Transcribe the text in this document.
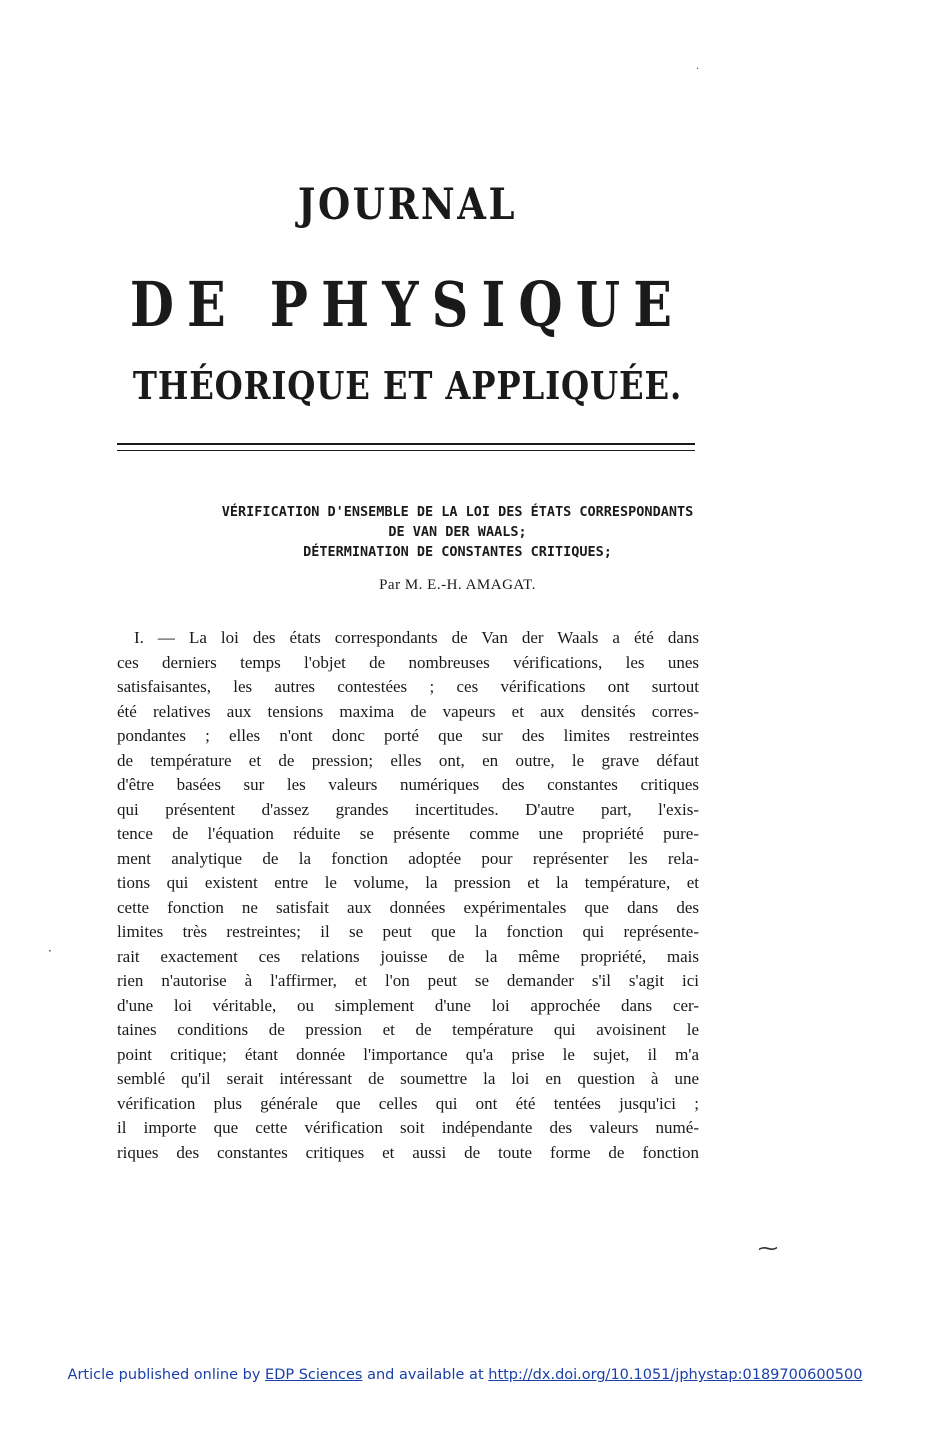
JOURNAL
DE PHYSIQUE
THÉORIQUE ET APPLIQUÉE.

VÉRIFICATION D'ENSEMBLE DE LA LOI DES ÉTATS CORRESPONDANTS

DE VAN DER WAALS;

DÉTERMINATION DE CONSTANTES CRITIQUES;

Par M. E.-H. AMAGAT.

I. — La loi des états correspondants de Van der Waals a été dans
ces derniers temps l'objet de nombreuses vérifications, les unes
satisfaisantes, les autres contestées ; ces vérifications ont surtout
été relatives aux tensions maxima de vapeurs et aux densités corres-
pondantes ; elles n'ont donc porté que sur des limites restreintes
de température et de pression; elles ont, en outre, le grave défaut
d'être basées sur les valeurs numériques des constantes critiques
qui présentent d'assez grandes incertitudes. D'autre part, l'exis-
tence de l'équation réduite se présente comme une propriété pure-
ment analytique de la fonction adoptée pour représenter les rela-
tions qui existent entre le volume, la pression et la température, et
cette fonction ne satisfait aux données expérimentales que dans des
limites très restreintes; il se peut que la fonction qui représente-
rait exactement ces relations jouisse de la même propriété, mais
rien n'autorise à l'affirmer, et l'on peut se demander s'il s'agit ici
d'une loi véritable, ou simplement d'une loi approchée dans cer-
taines conditions de pression et de température qui avoisinent le
point critique; étant donnée l'importance qu'a prise le sujet, il m'a
semblé qu'il serait intéressant de soumettre la loi en question à une
vérification plus générale que celles qui ont été tentées jusqu'ici ;
il importe que cette vérification soit indépendante des valeurs numé-
riques des constantes critiques et aussi de toute forme de fonction
·
·
⁓

Article published online by EDP Sciences and available at http://dx.doi.org/10.1051/jphystap:0189700600500
